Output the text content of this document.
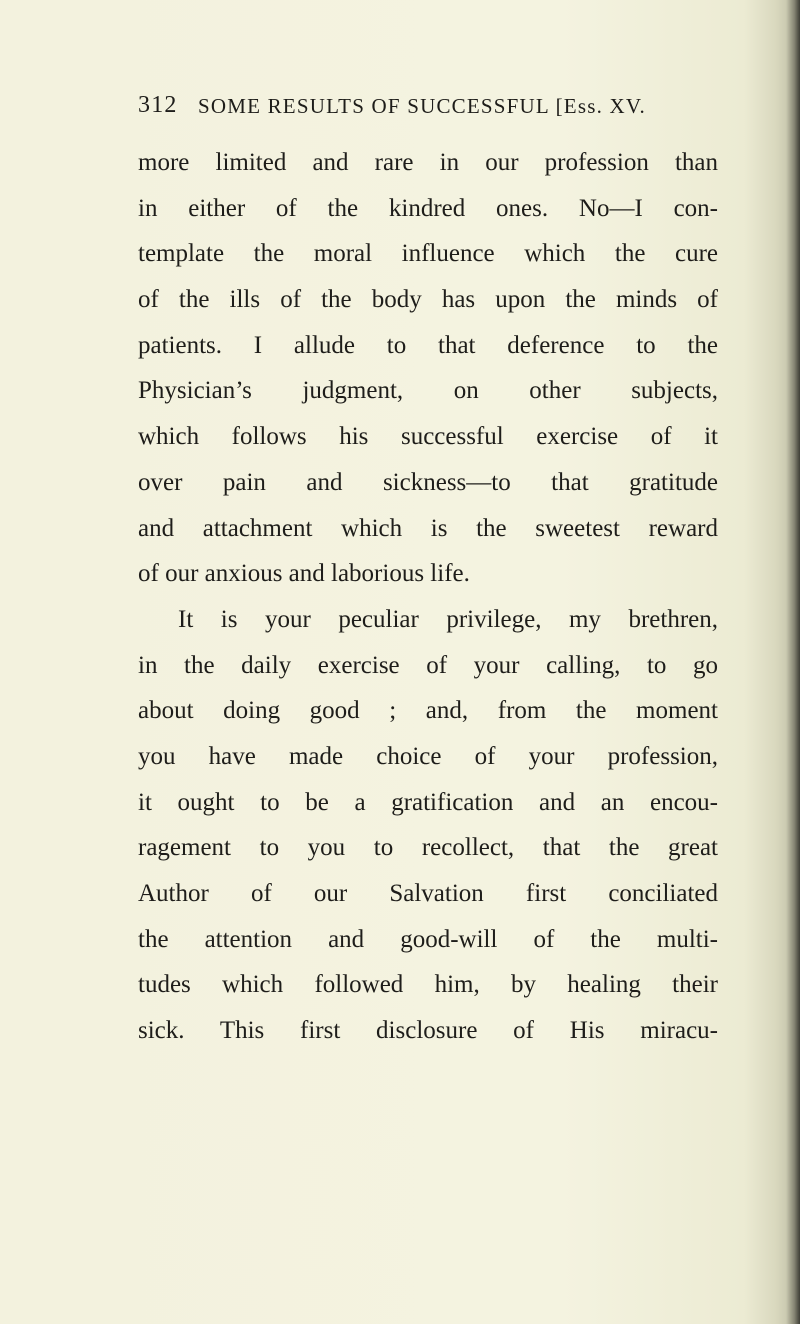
312 SOME RESULTS OF SUCCESSFUL [Ess. XV.
more limited and rare in our profession than
in either of the kindred ones. No—I con-
template the moral influence which the cure
of the ills of the body has upon the minds of
patients. I allude to that deference to the
Physician’s judgment, on other subjects,
which follows his successful exercise of it
over pain and sickness—to that gratitude
and attachment which is the sweetest reward
of our anxious and laborious life.
It is your peculiar privilege, my brethren,
in the daily exercise of your calling, to go
about doing good ; and, from the moment
you have made choice of your profession,
it ought to be a gratification and an encou-
ragement to you to recollect, that the great
Author of our Salvation first conciliated
the attention and good-will of the multi-
tudes which followed him, by healing their
sick. This first disclosure of His miracu-
